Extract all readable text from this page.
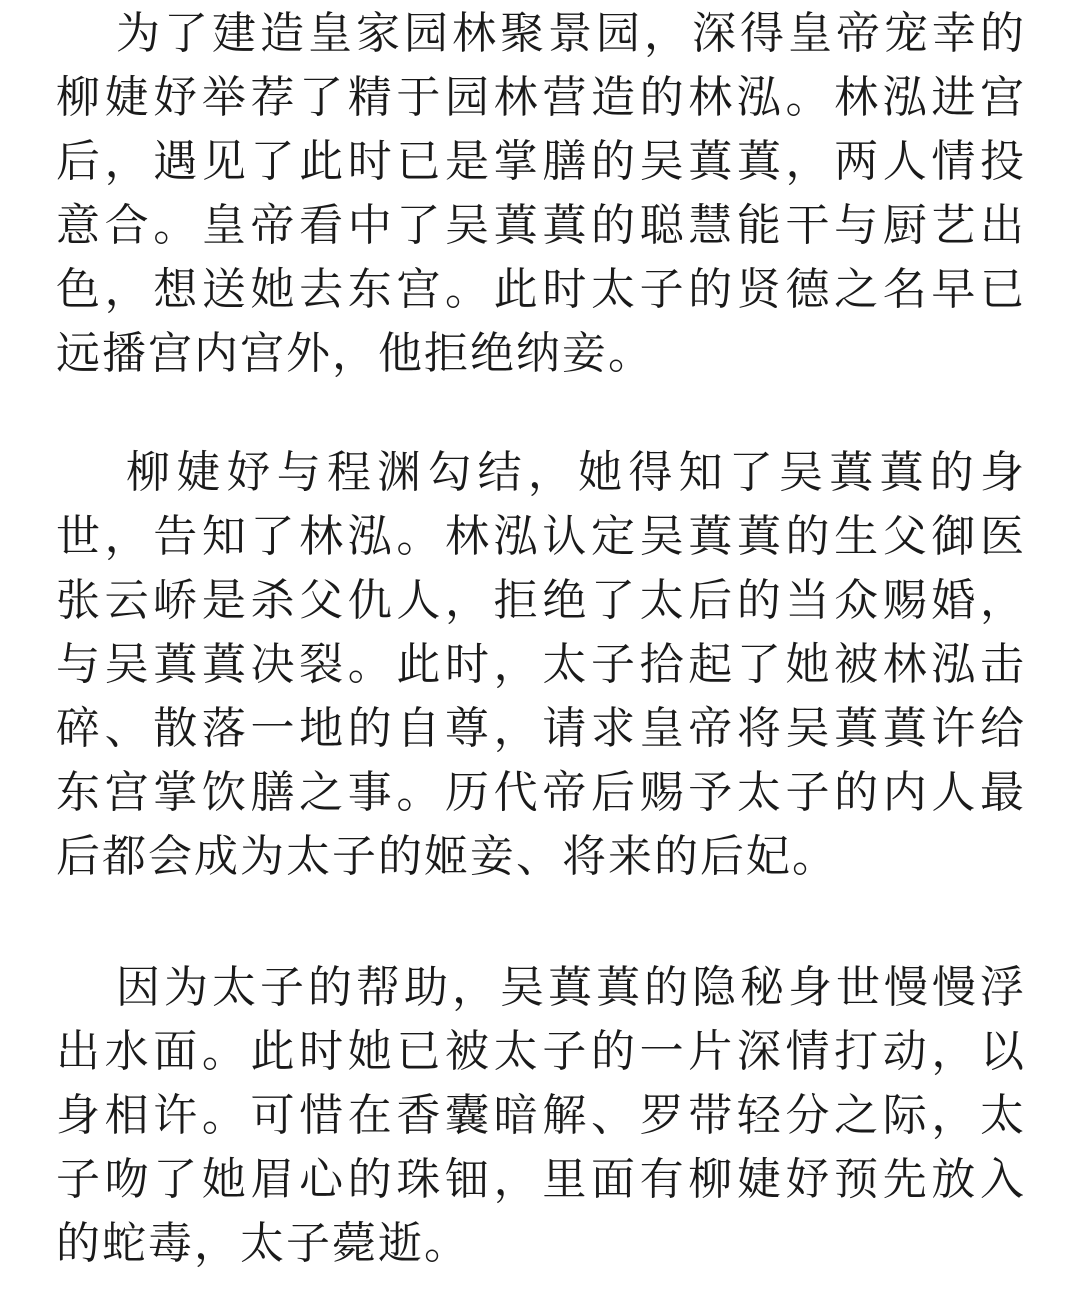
为了建造皇家园林聚景园，深得皇帝宠幸的
柳婕妤举荐了精于园林营造的林泓。林泓进宫
后，遇见了此时已是掌膳的吴蒖蒖，两人情投
意合。皇帝看中了吴蒖蒖的聪慧能干与厨艺出
色，想送她去东宫。此时太子的贤德之名早已
远播宫内宫外，他拒绝纳妾。
柳婕妤与程渊勾结，她得知了吴蒖蒖的身
世，告知了林泓。林泓认定吴蒖蒖的生父御医
张云峤是杀父仇人，拒绝了太后的当众赐婚，
与吴蒖蒖决裂。此时，太子拾起了她被林泓击
碎、散落一地的自尊，请求皇帝将吴蒖蒖许给
东宫掌饮膳之事。历代帝后赐予太子的内人最
后都会成为太子的姬妾、将来的后妃。
因为太子的帮助，吴蒖蒖的隐秘身世慢慢浮
出水面。此时她已被太子的一片深情打动，以
身相许。可惜在香囊暗解、罗带轻分之际，太
子吻了她眉心的珠钿，里面有柳婕妤预先放入
的蛇毒，太子薨逝。
